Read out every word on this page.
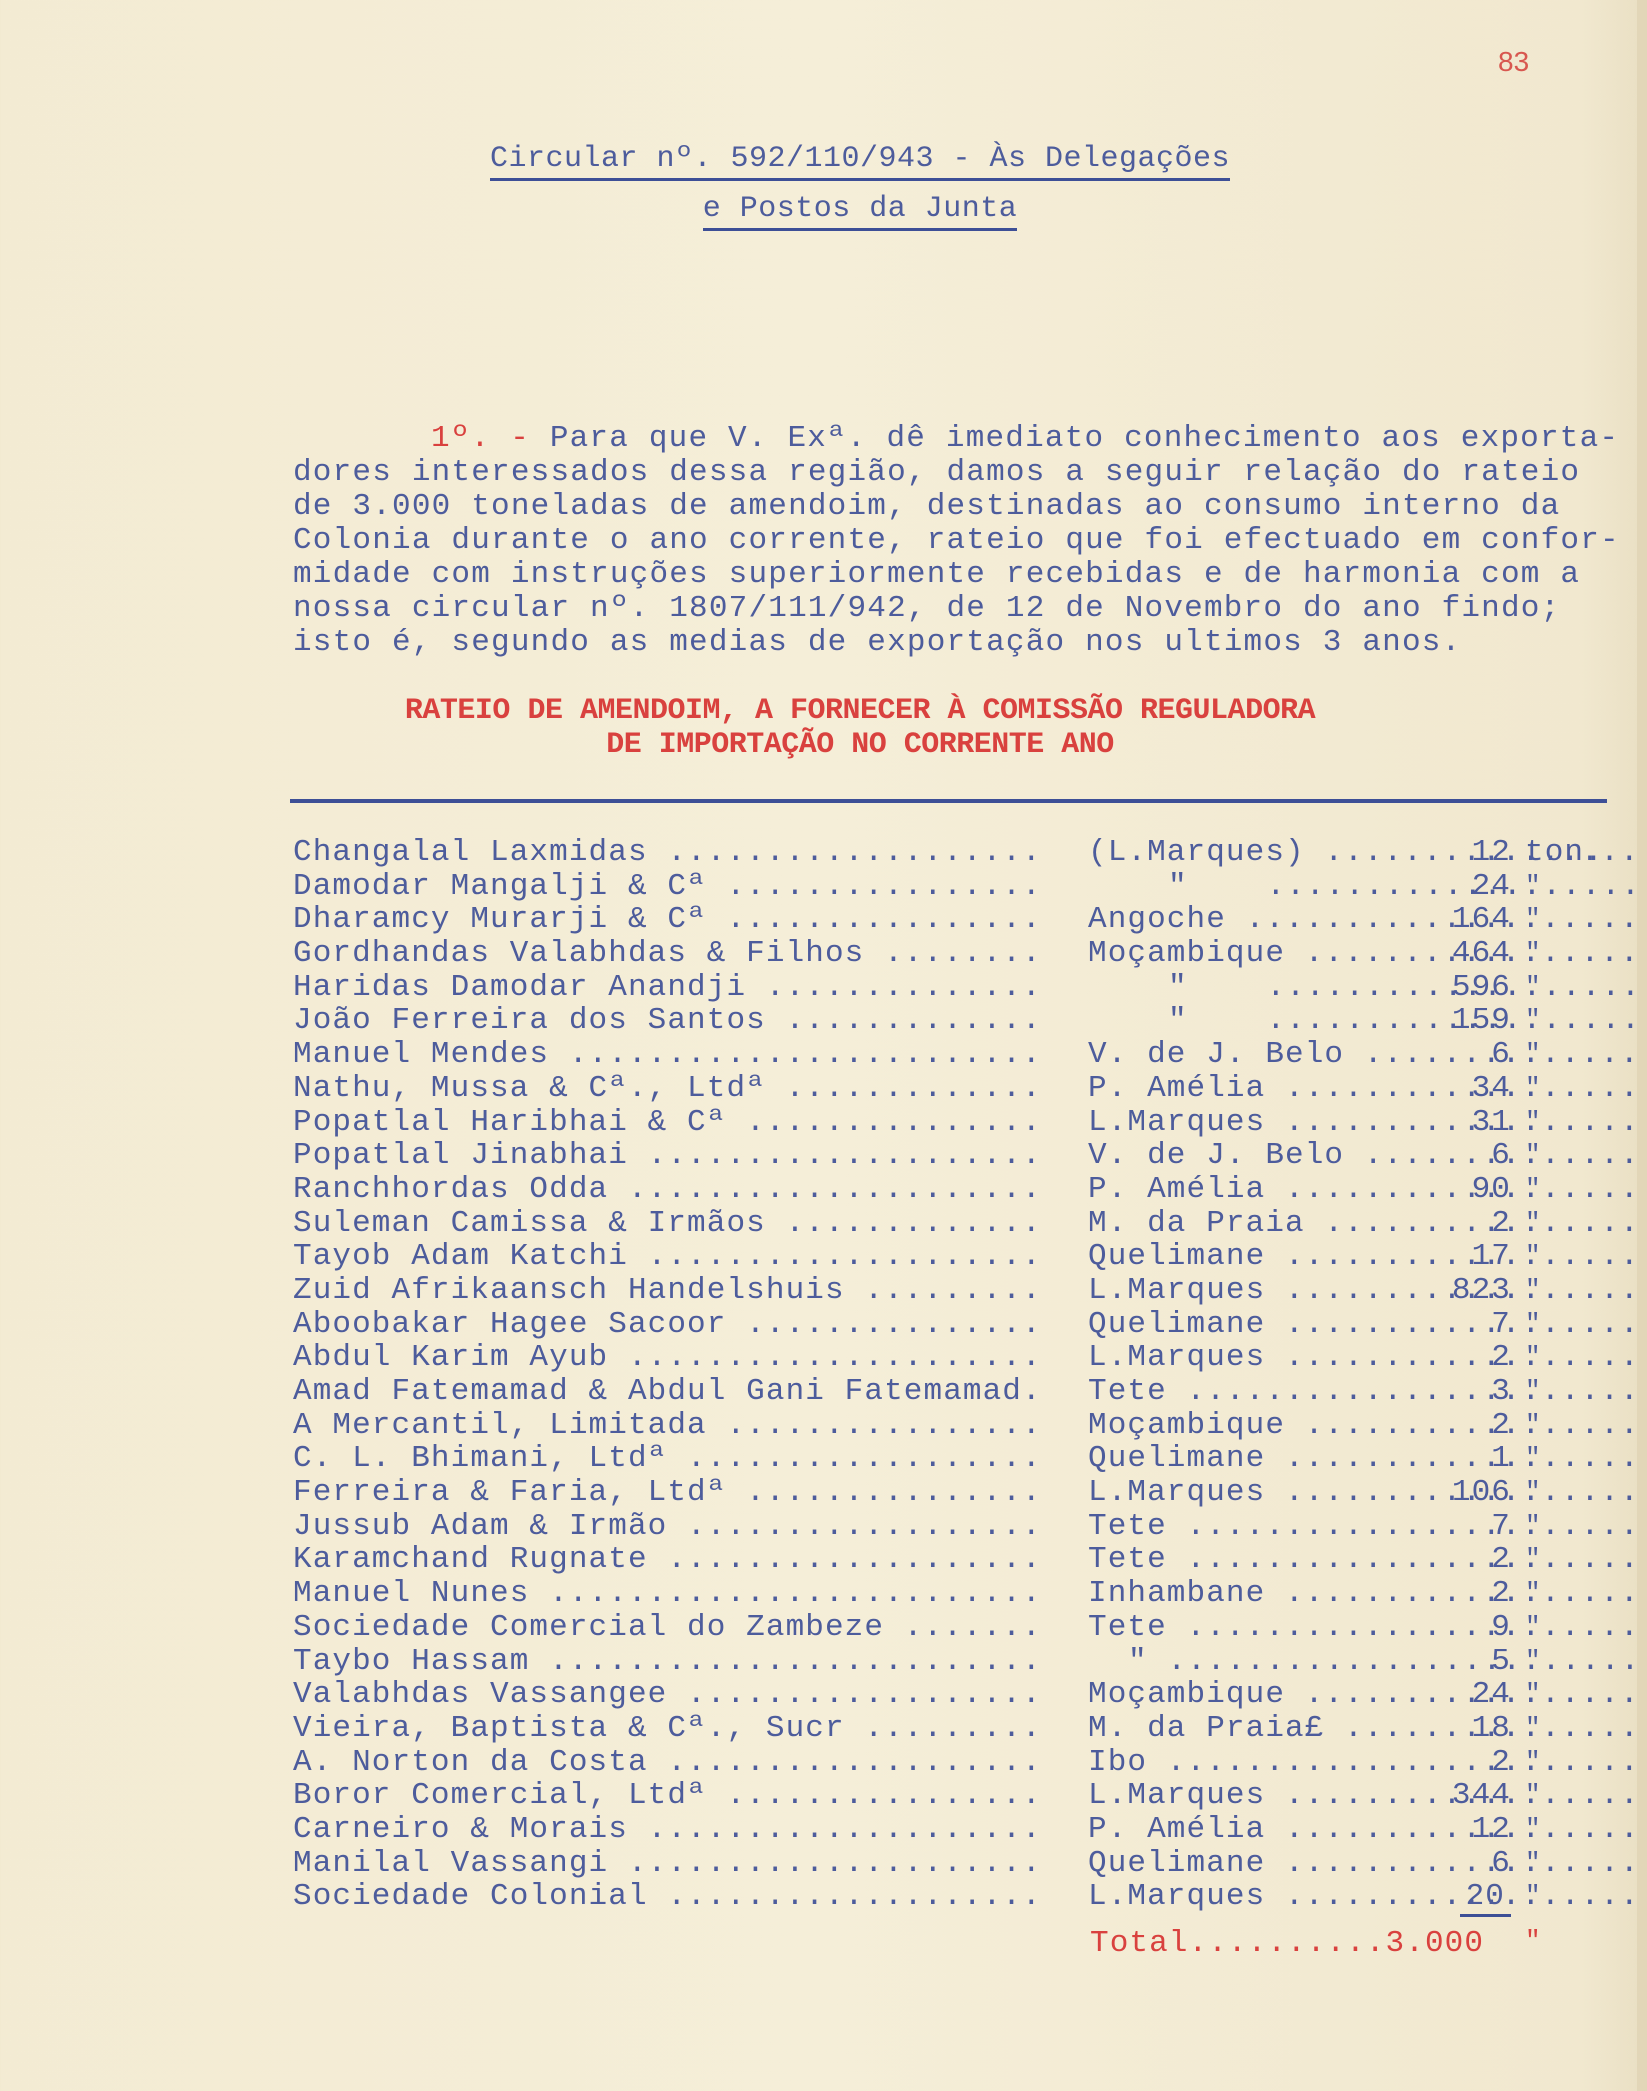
83
Circular nº. 592/110/943 - Às Delegações
e Postos da Junta
1º. - Para que V. Exª. dê imediato conhecimento aos exporta-
dores interessados dessa região, damos a seguir relação do rateio
de 3.000 toneladas de amendoim, destinadas ao consumo interno da
Colonia durante o ano corrente, rateio que foi efectuado em confor-
midade com instruções superiormente recebidas e de harmonia com a
nossa circular nº. 1807/111/942, de 12 de Novembro do ano findo;
isto é, segundo as medias de exportação nos ultimos 3 anos.
RATEIO DE AMENDOIM, A FORNECER À COMISSÃO REGULADORA
DE IMPORTAÇÃO NO CORRENTE ANO
Changalal Laxmidas .....	(L.Marques) .....	12 ton.
Damodar Mangalji & Cª .....	"    .....	24 "
Dharamcy Murarji & Cª .....	Angoche .....	164 "
Gordhandas Valabhdas & Filhos .....	Moçambique .....	464 "
Haridas Damodar Anandji .....	"    .....	596 "
João Ferreira dos Santos .....	"    .....	159 "
Manuel Mendes .....	V. de J. Belo .....	6 "
Nathu, Mussa & Cª., Ltdª .....	P. Amélia .....	34 "
Popatlal Haribhai & Cª .....	L.Marques .....	31 "
Popatlal Jinabhai .....	V. de J. Belo .....	6 "
Ranchhordas Odda .....	P. Amélia .....	90 "
Suleman Camissa & Irmãos .....	M. da Praia .....	2 "
Tayob Adam Katchi .....	Quelimane .....	17 "
Zuid Afrikaansch Handelshuis .....	L.Marques .....	823 "
Aboobakar Hagee Sacoor .....	Quelimane .....	7 "
Abdul Karim Ayub .....	L.Marques .....	2 "
Amad Fatemamad & Abdul Gani Fatemamad. ..... Tete .....	3 "
A Mercantil, Limitada .....	Moçambique .....	2 "
C. L. Bhimani, Ltdª .....	Quelimane .....	1 "
Ferreira & Faria, Ltdª .....	L.Marques .....	106 "
Jussub Adam & Irmão .....	Tete .....	7 "
Karamchand Rugnate .....	Tete .....	2 "
Manuel Nunes .....	Inhambane .....	2 "
Sociedade Comercial do Zambeze .....	Tete .....	9 "
Taybo Hassam .....	" .....	5 "
Valabhdas Vassangee .....	Moçambique .....	24 "
Vieira, Baptista & Cª., Sucr .....	M. da Praia£ .....	18 "
A. Norton da Costa .....	Ibo .....	2 "
Boror Comercial, Ltdª .....	L.Marques .....	344 "
Carneiro & Morais .....	P. Amélia .....	12 "
Manilal Vassangi .....	Quelimane .....	6 "
Sociedade Colonial .....	L.Marques .....	20 "
Total..........3.000 "
